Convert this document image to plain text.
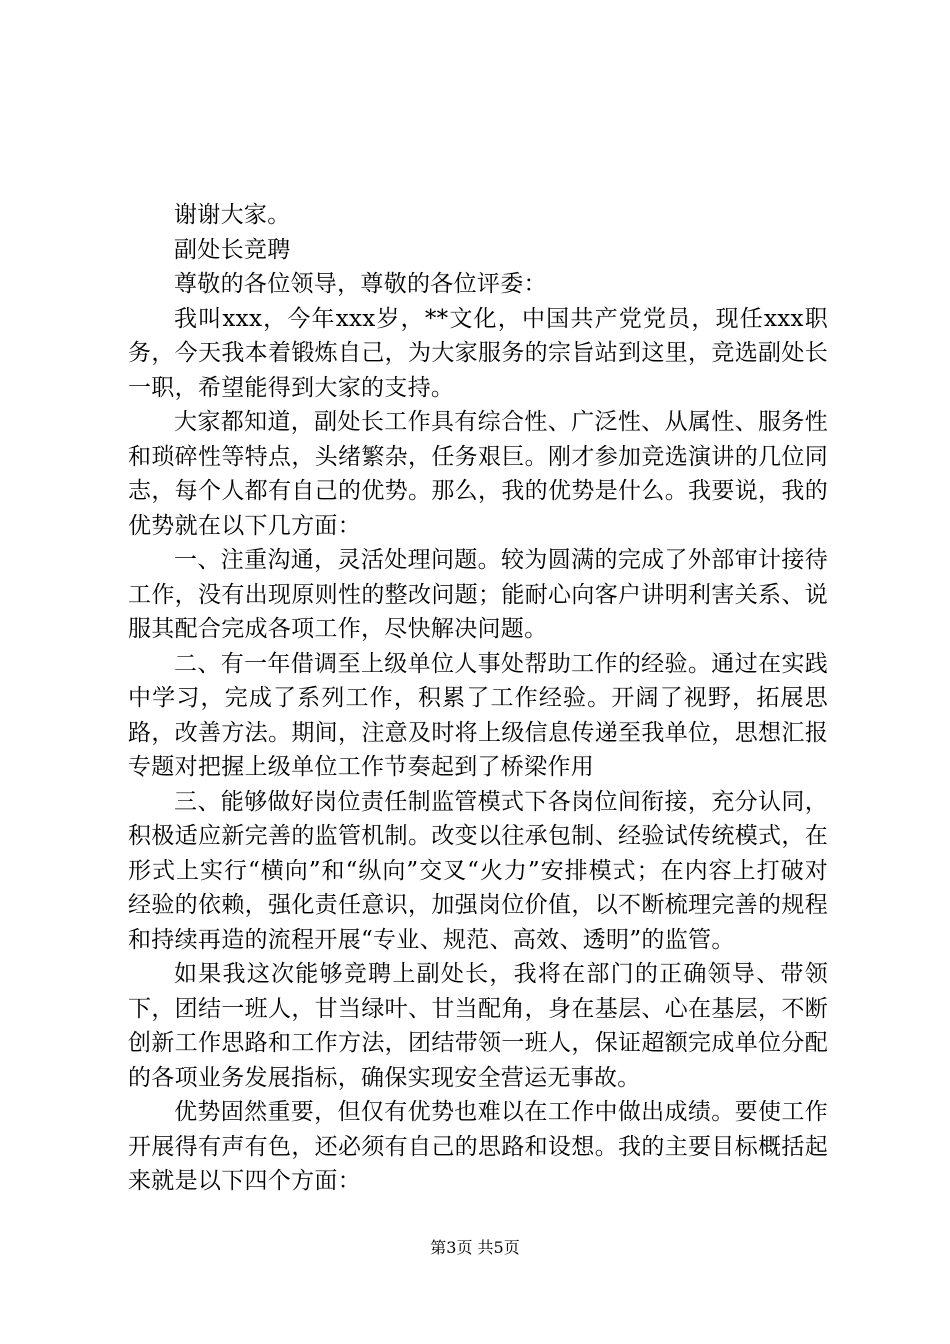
谢谢大家。

副处长竞聘

尊敬的各位领导，尊敬的各位评委：

我叫xxx，今年xxx岁，**文化，中国共产党党员，现任xxx职务，今天我本着锻炼自己，为大家服务的宗旨站到这里，竞选副处长一职，希望能得到大家的支持。

大家都知道，副处长工作具有综合性、广泛性、从属性、服务性和琐碎性等特点，头绪繁杂，任务艰巨。刚才参加竞选演讲的几位同志，每个人都有自己的优势。那么，我的优势是什么。我要说，我的优势就在以下几方面：

一、注重沟通，灵活处理问题。较为圆满的完成了外部审计接待工作，没有出现原则性的整改问题；能耐心向客户讲明利害关系、说服其配合完成各项工作，尽快解决问题。

二、有一年借调至上级单位人事处帮助工作的经验。通过在实践中学习，完成了系列工作，积累了工作经验。开阔了视野，拓展思路，改善方法。期间，注意及时将上级信息传递至我单位，思想汇报专题对把握上级单位工作节奏起到了桥梁作用

三、能够做好岗位责任制监管模式下各岗位间衔接，充分认同，积极适应新完善的监管机制。改变以往承包制、经验试传统模式，在形式上实行“横向”和“纵向”交叉“火力”安排模式；在内容上打破对经验的依赖，强化责任意识，加强岗位价值，以不断梳理完善的规程和持续再造的流程开展“专业、规范、高效、透明”的监管。

如果我这次能够竞聘上副处长，我将在部门的正确领导、带领下，团结一班人，甘当绿叶、甘当配角，身在基层、心在基层，不断创新工作思路和工作方法，团结带领一班人，保证超额完成单位分配的各项业务发展指标，确保实现安全营运无事故。

优势固然重要，但仅有优势也难以在工作中做出成绩。要使工作开展得有声有色，还必须有自己的思路和设想。我的主要目标概括起来就是以下四个方面：

第3页 共5页
